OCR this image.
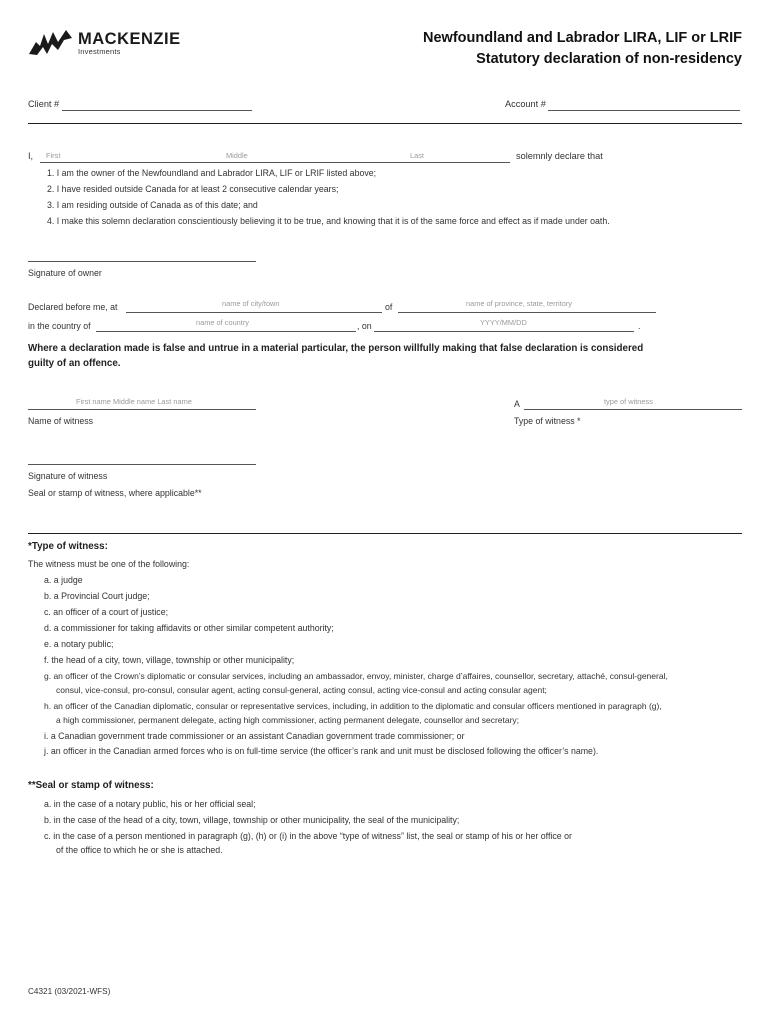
MACKENZIE
Investments
Newfoundland and Labrador LIRA, LIF or LRIF
Statutory declaration of non-residency
Client #	Account #
I, First	Middle	Last	solemnly declare that
1. I am the owner of the Newfoundland and Labrador LIRA, LIF or LRIF listed above;
2. I have resided outside Canada for at least 2 consecutive calendar years;
3. I am residing outside of Canada as of this date; and
4. I make this solemn declaration conscientiously believing it to be true, and knowing that it is of the same force and effect as if made under oath.
Signature of owner
Declared before me, at	name of city/town	of	name of province, state, territory
in the country of	name of country	, on	YYYY/MM/DD	.
Where a declaration made is false and untrue in a material particular, the person willfully making that false declaration is considered guilty of an offence.
First name Middle name Last name
Name of witness
A	type of witness
Type of witness *
Signature of witness
Seal or stamp of witness, where applicable**
*Type of witness:
The witness must be one of the following:
a. a judge
b. a Provincial Court judge;
c. an officer of a court of justice;
d. a commissioner for taking affidavits or other similar competent authority;
e. a notary public;
f. the head of a city, town, village, township or other municipality;
g. an officer of the Crown’s diplomatic or consular services, including an ambassador, envoy, minister, charge d’affaires, counsellor, secretary, attaché, consul-general,
consul, vice-consul, pro-consul, consular agent, acting consul-general, acting consul, acting vice-consul and acting consular agent;
h. an officer of the Canadian diplomatic, consular or representative services, including, in addition to the diplomatic and consular officers mentioned in paragraph (g),
a high commissioner, permanent delegate, acting high commissioner, acting permanent delegate, counsellor and secretary;
i. a Canadian government trade commissioner or an assistant Canadian government trade commissioner; or
j. an officer in the Canadian armed forces who is on full-time service (the officer’s rank and unit must be disclosed following the officer’s name).
**Seal or stamp of witness:
a. in the case of a notary public, his or her official seal;
b. in the case of the head of a city, town, village, township or other municipality, the seal of the municipality;
c. in the case of a person mentioned in paragraph (g), (h) or (i) in the above “type of witness” list, the seal or stamp of his or her office or
of the office to which he or she is attached.
C4321 (03/2021-WFS)
